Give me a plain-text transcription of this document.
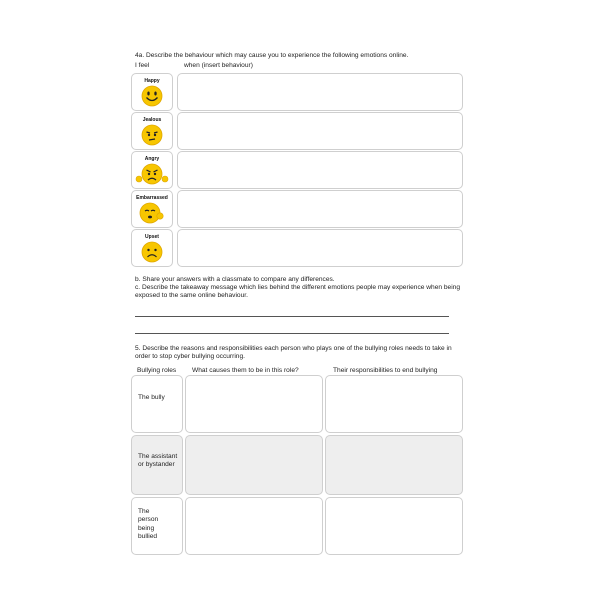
4a. Describe the behaviour which may cause you to experience the following emotions online.
I feel	when (insert behaviour)
Happy
Jealous
Angry
Embarrassed
Upset
b. Share your answers with a classmate to compare any differences.
c. Describe the takeaway message which lies behind the different emotions people may experience when being exposed to the same online behaviour.
5. Describe the reasons and responsibilities each person who plays one of the bullying roles needs to take in order to stop cyber bullying occurring.
Bullying roles What causes them to be in this role?	Their responsibilities to end bullying
The bully
The assistant or bystander
The person being bullied
